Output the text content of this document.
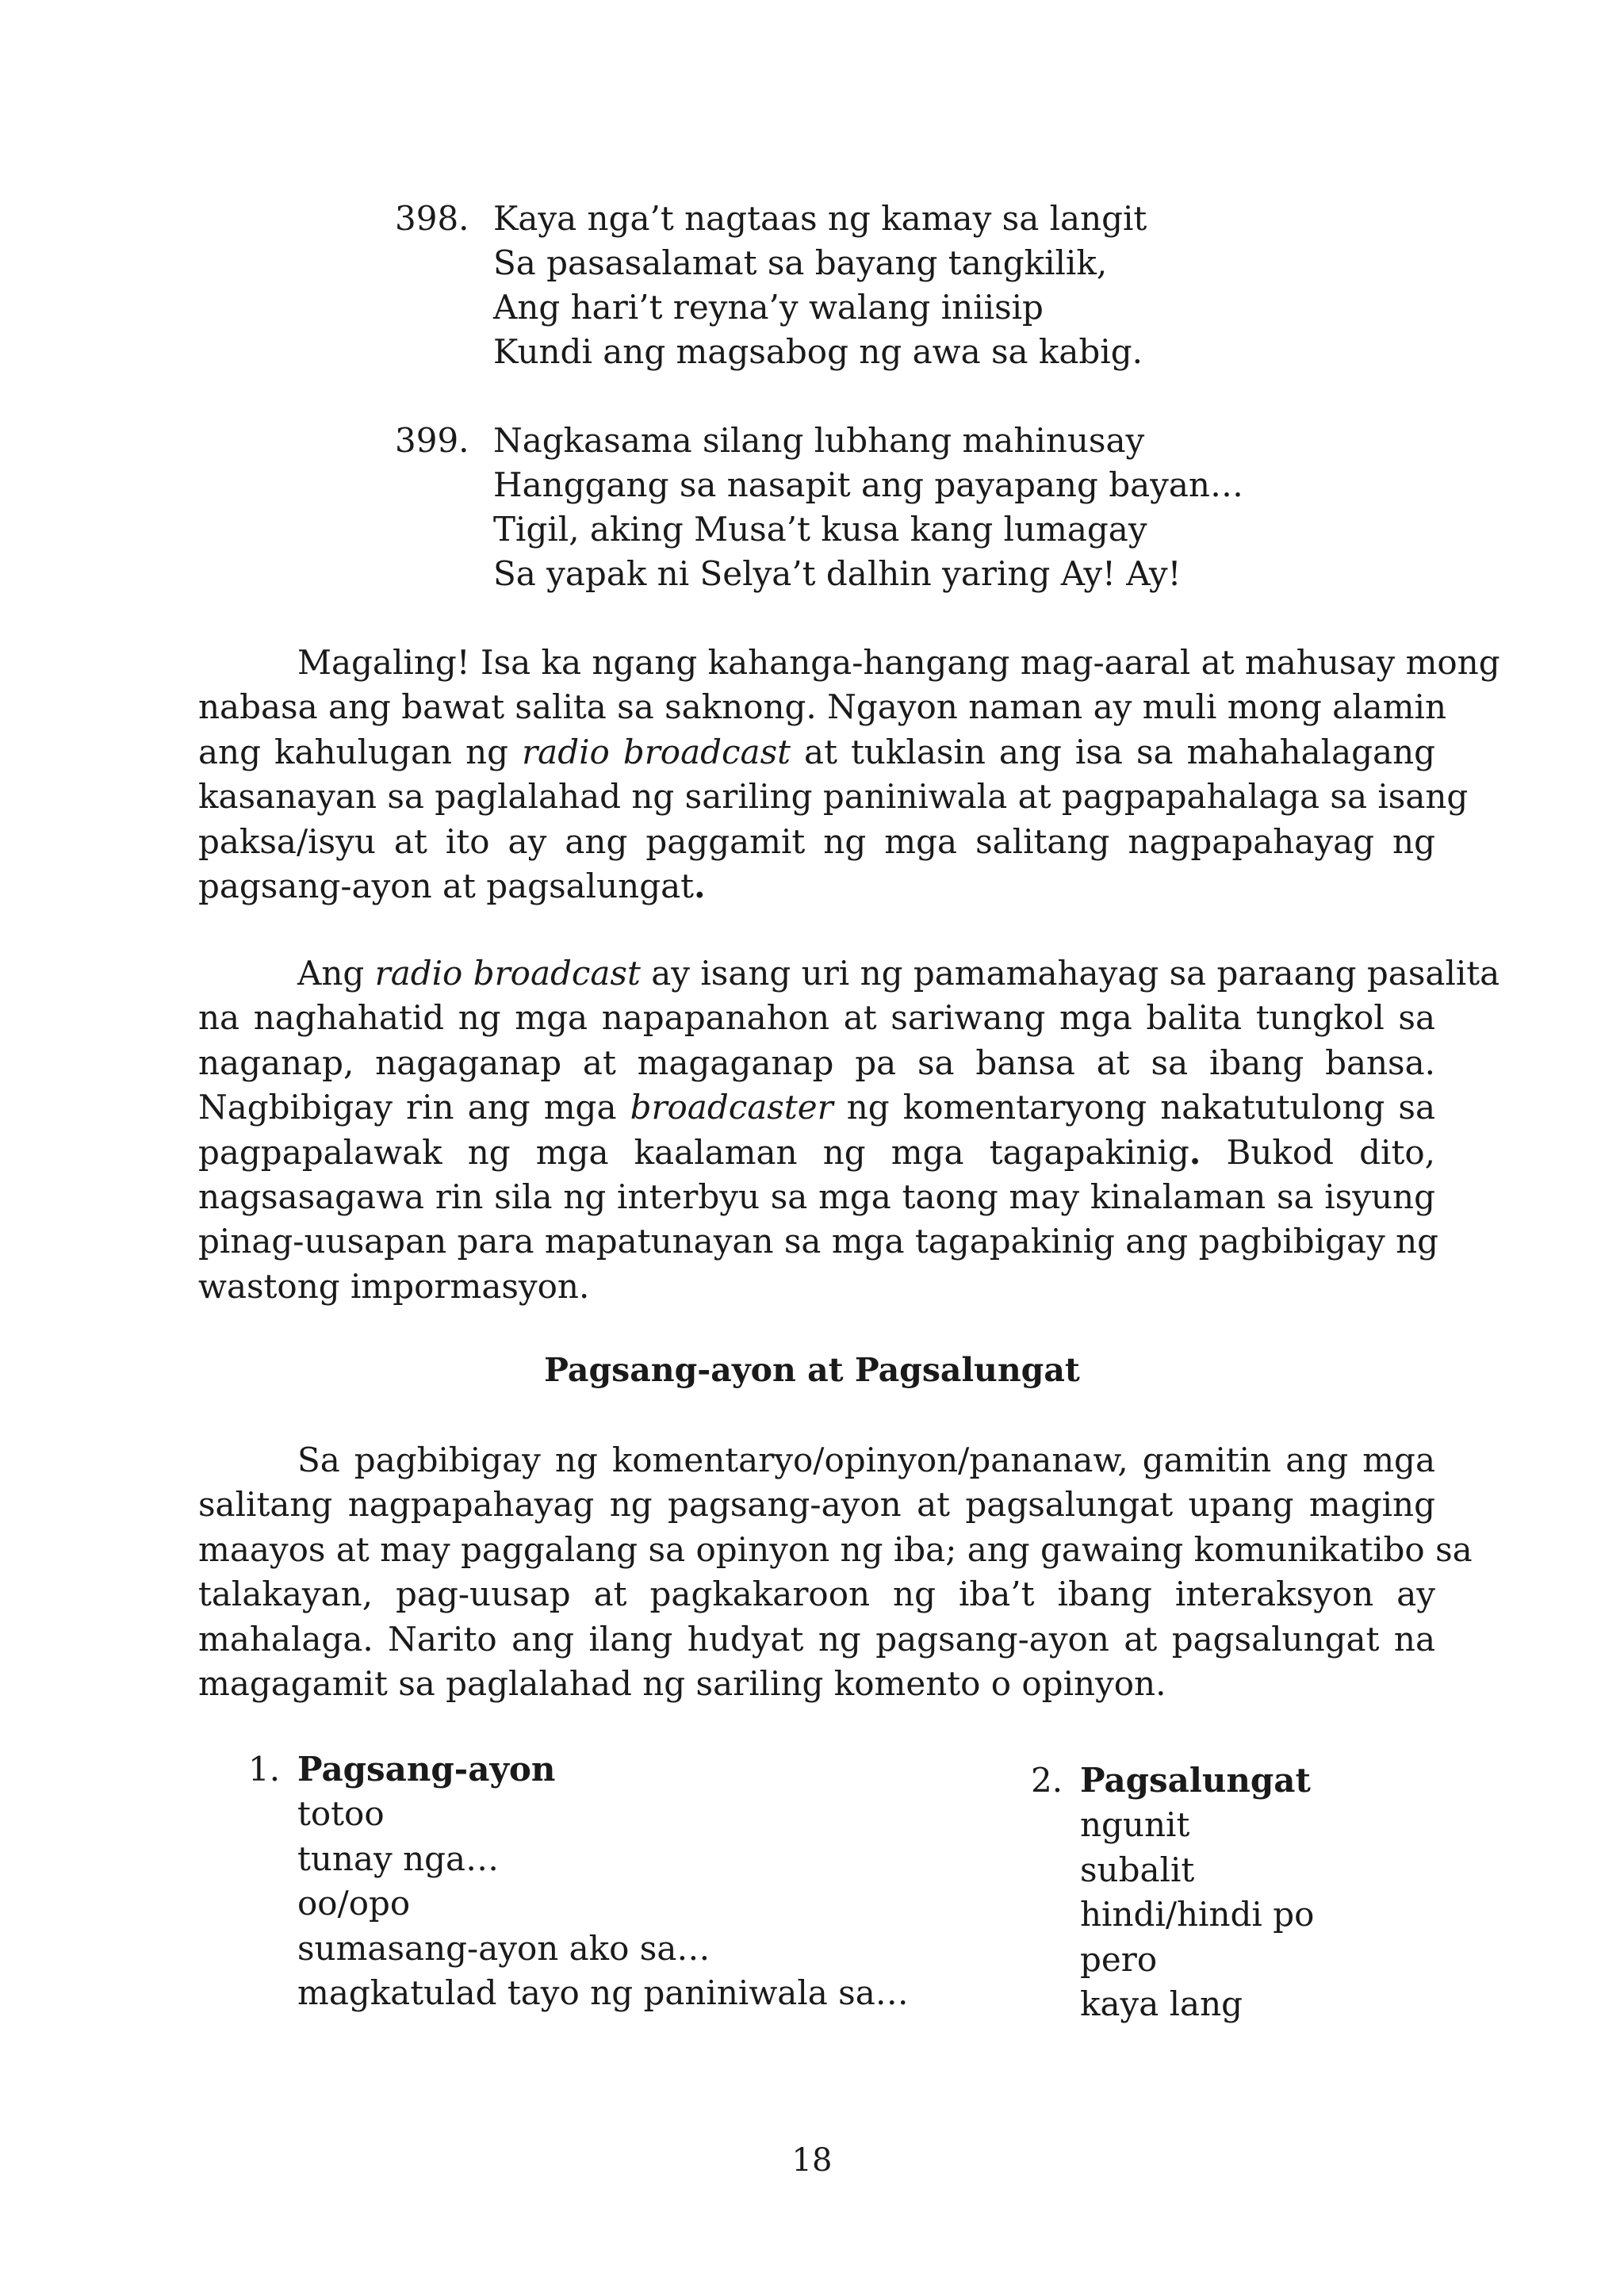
398. Kaya nga’t nagtaas ng kamay sa langit
Sa pasasalamat sa bayang tangkilik,
Ang hari’t reyna’y walang iniisip
Kundi ang magsabog ng awa sa kabig.
399. Nagkasama silang lubhang mahinusay
Hanggang sa nasapit ang payapang bayan…
Tigil, aking Musa’t kusa kang lumagay
Sa yapak ni Selya’t dalhin yaring Ay! Ay!
Magaling! Isa ka ngang kahanga-hangang mag-aaral at mahusay mong
nabasa ang bawat salita sa saknong. Ngayon naman ay muli mong alamin
ang kahulugan ng radio broadcast at tuklasin ang isa sa mahahalagang
kasanayan sa paglalahad ng sariling paniniwala at pagpapahalaga sa isang
paksa/isyu at ito ay ang paggamit ng mga salitang nagpapahayag ng
pagsang-ayon at pagsalungat.
Ang radio broadcast ay isang uri ng pamamahayag sa paraang pasalita
na naghahatid ng mga napapanahon at sariwang mga balita tungkol sa
naganap, nagaganap at magaganap pa sa bansa at sa ibang bansa.
Nagbibigay rin ang mga broadcaster ng komentaryong nakatutulong sa
pagpapalawak ng mga kaalaman ng mga tagapakinig. Bukod dito,
nagsasagawa rin sila ng interbyu sa mga taong may kinalaman sa isyung
pinag-uusapan para mapatunayan sa mga tagapakinig ang pagbibigay ng
wastong impormasyon.
Pagsang-ayon at Pagsalungat
Sa pagbibigay ng komentaryo/opinyon/pananaw, gamitin ang mga
salitang nagpapahayag ng pagsang-ayon at pagsalungat upang maging
maayos at may paggalang sa opinyon ng iba; ang gawaing komunikatibo sa
talakayan, pag-uusap at pagkakaroon ng iba’t ibang interaksyon ay
mahalaga. Narito ang ilang hudyat ng pagsang-ayon at pagsalungat na
magagamit sa paglalahad ng sariling komento o opinyon.
1. Pagsang-ayon
totoo
tunay nga…
oo/opo
sumasang-ayon ako sa…
magkatulad tayo ng paniniwala sa…
2. Pagsalungat
ngunit
subalit
hindi/hindi po
pero
kaya lang
18
